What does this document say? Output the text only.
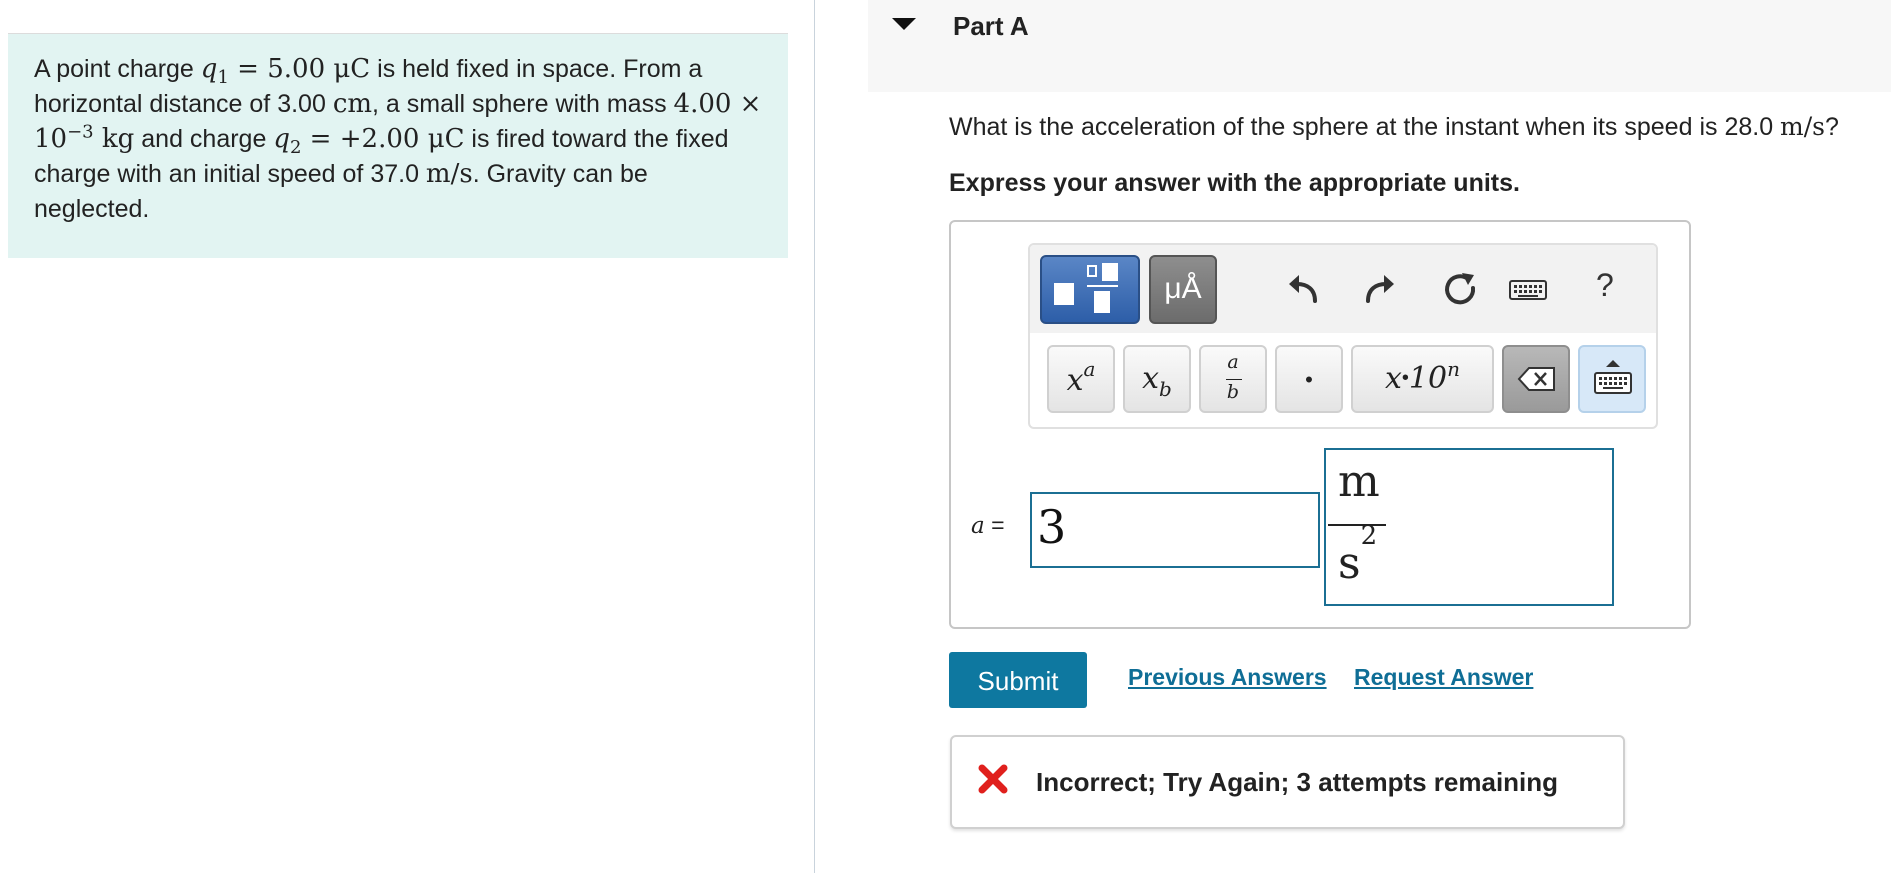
A point charge $q_1 = 5.00$ μC is held fixed in space. From a horizontal distance of 3.00 cm, a small sphere with mass $4.00 \times 10^{-3}$ kg and charge $q_2 = +2.00$ μC is fired toward the fixed charge with an initial speed of 37.0 m/s. Gravity can be neglected.
Part A
What is the acceleration of the sphere at the instant when its speed is 28.0 m/s?
Express your answer with the appropriate units.
μÅ	?
xa	xb
a
b	•	x•10n
a = 3
m
$s^2$
Submit	Previous Answers Request Answer
Incorrect; Try Again; 3 attempts remaining
